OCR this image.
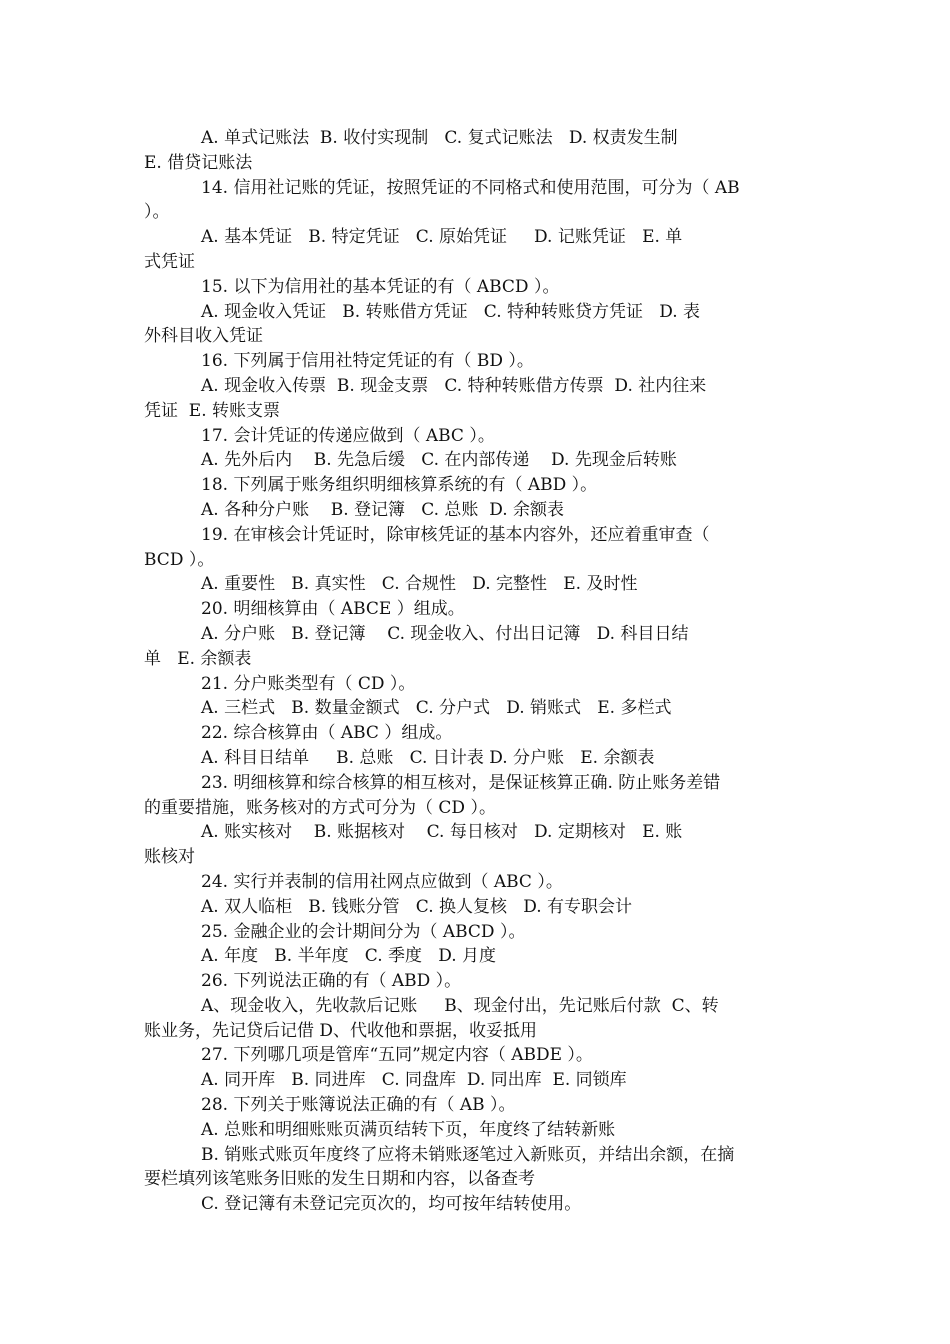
A. 单式记账法  B. 收付实现制   C. 复式记账法   D. 权责发生制
E. 借贷记账法
14. 信用社记账的凭证，按照凭证的不同格式和使用范围，可分为（ AB
）。
A. 基本凭证   B. 特定凭证   C. 原始凭证     D. 记账凭证   E. 单
式凭证
15. 以下为信用社的基本凭证的有（ ABCD ）。
A. 现金收入凭证   B. 转账借方凭证   C. 特种转账贷方凭证   D. 表
外科目收入凭证
16. 下列属于信用社特定凭证的有（ BD ）。
A. 现金收入传票  B. 现金支票   C. 特种转账借方传票  D. 社内往来
凭证  E. 转账支票
17. 会计凭证的传递应做到（ ABC ）。
A. 先外后内    B. 先急后缓   C. 在内部传递    D. 先现金后转账
18. 下列属于账务组织明细核算系统的有（ ABD ）。
A. 各种分户账    B. 登记簿   C. 总账  D. 余额表
19. 在审核会计凭证时，除审核凭证的基本内容外，还应着重审查（
BCD ）。
A. 重要性   B. 真实性   C. 合规性   D. 完整性   E. 及时性
20. 明细核算由（ ABCE ）组成。
A. 分户账   B. 登记簿    C. 现金收入、付出日记簿   D. 科目日结
单   E. 余额表
21. 分户账类型有（ CD ）。
A. 三栏式   B. 数量金额式   C. 分户式   D. 销账式   E. 多栏式
22. 综合核算由（ ABC ）组成。
A. 科目日结单     B. 总账   C. 日计表 D. 分户账   E. 余额表
23. 明细核算和综合核算的相互核对，是保证核算正确. 防止账务差错
的重要措施，账务核对的方式可分为（ CD ）。
A. 账实核对    B. 账据核对    C. 每日核对   D. 定期核对   E. 账
账核对
24. 实行并表制的信用社网点应做到（ ABC ）。
A. 双人临柜   B. 钱账分管   C. 换人复核   D. 有专职会计
25. 金融企业的会计期间分为（ ABCD ）。
A. 年度   B. 半年度   C. 季度   D. 月度
26. 下列说法正确的有（ ABD ）。
A、现金收入，先收款后记账     B、现金付出，先记账后付款  C、转
账业务，先记贷后记借 D、代收他和票据，收妥抵用
27. 下列哪几项是管库“五同”规定内容（ ABDE ）。
A. 同开库   B. 同进库   C. 同盘库  D. 同出库  E. 同锁库
28. 下列关于账簿说法正确的有（ AB ）。
A. 总账和明细账账页满页结转下页，年度终了结转新账
B. 销账式账页年度终了应将未销账逐笔过入新账页，并结出余额，在摘
要栏填列该笔账务旧账的发生日期和内容，以备查考
C. 登记簿有未登记完页次的，均可按年结转使用。
